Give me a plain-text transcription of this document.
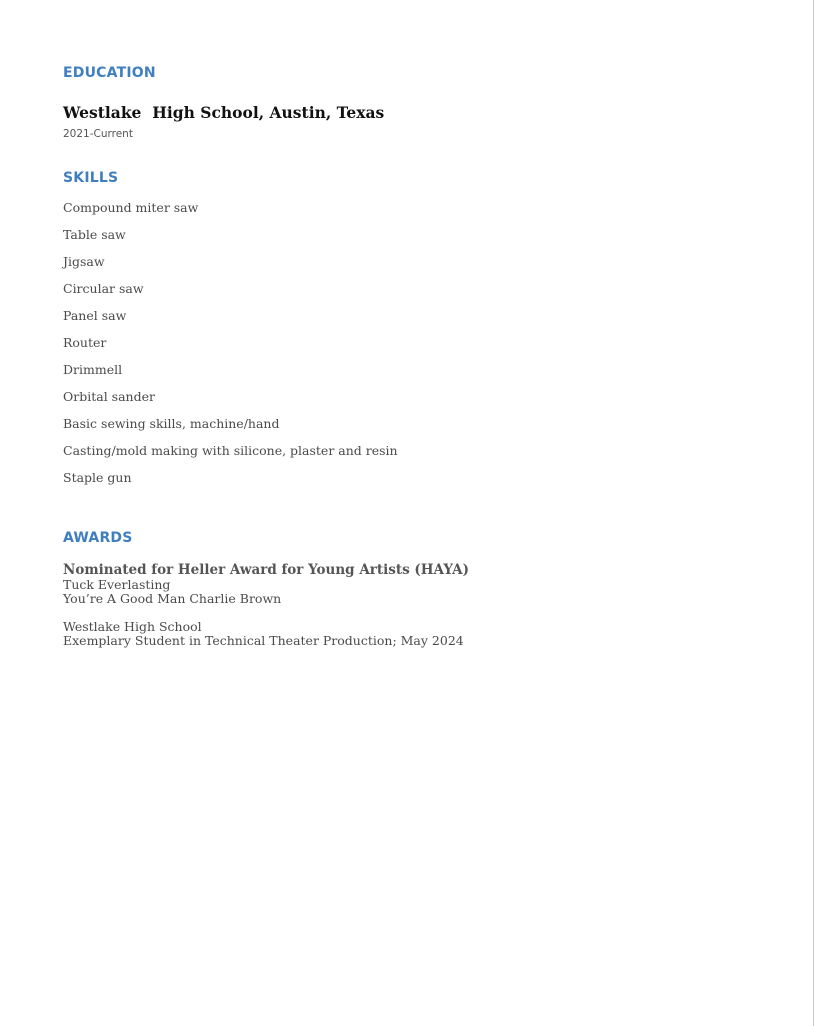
EDUCATION
Westlake  High School, Austin, Texas
2021-Current
SKILLS
Compound miter saw
Table saw
Jigsaw
Circular saw
Panel saw
Router
Drimmell
Orbital sander
Basic sewing skills, machine/hand
Casting/mold making with silicone, plaster and resin
Staple gun
AWARDS
Nominated for Heller Award for Young Artists (HAYA)
Tuck Everlasting
You’re A Good Man Charlie Brown
Westlake High School
Exemplary Student in Technical Theater Production; May 2024
